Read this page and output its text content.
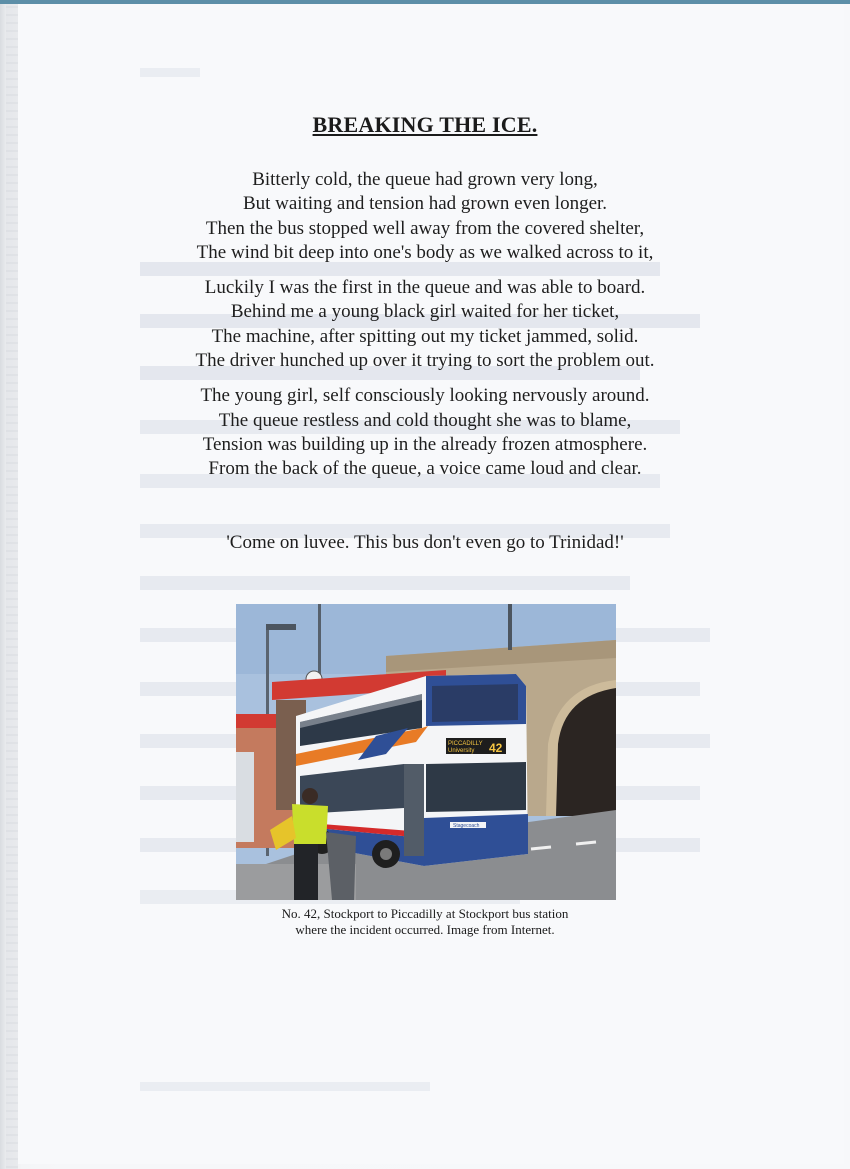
BREAKING THE ICE.
Bitterly cold, the queue had grown very long,
But waiting and tension had grown even longer.
Then the bus stopped well away from the covered shelter,
The wind bit deep into one's body as we walked across to it,
Luckily I was the first in the queue and was able to board.
Behind me a young black girl waited for her ticket,
The machine, after spitting out my ticket jammed, solid.
The driver hunched up over it trying to sort the problem out.
The young girl, self consciously looking nervously around.
The queue restless and cold thought she was to blame,
Tension was building up in the already frozen atmosphere.
From the back of the queue, a voice came loud and clear.
'Come on luvee. This bus don't even go to Trinidad!'
PICCADILLY
University 42
Stagecoach
No. 42, Stockport to Piccadilly at Stockport bus station
where the incident occurred. Image from Internet.
